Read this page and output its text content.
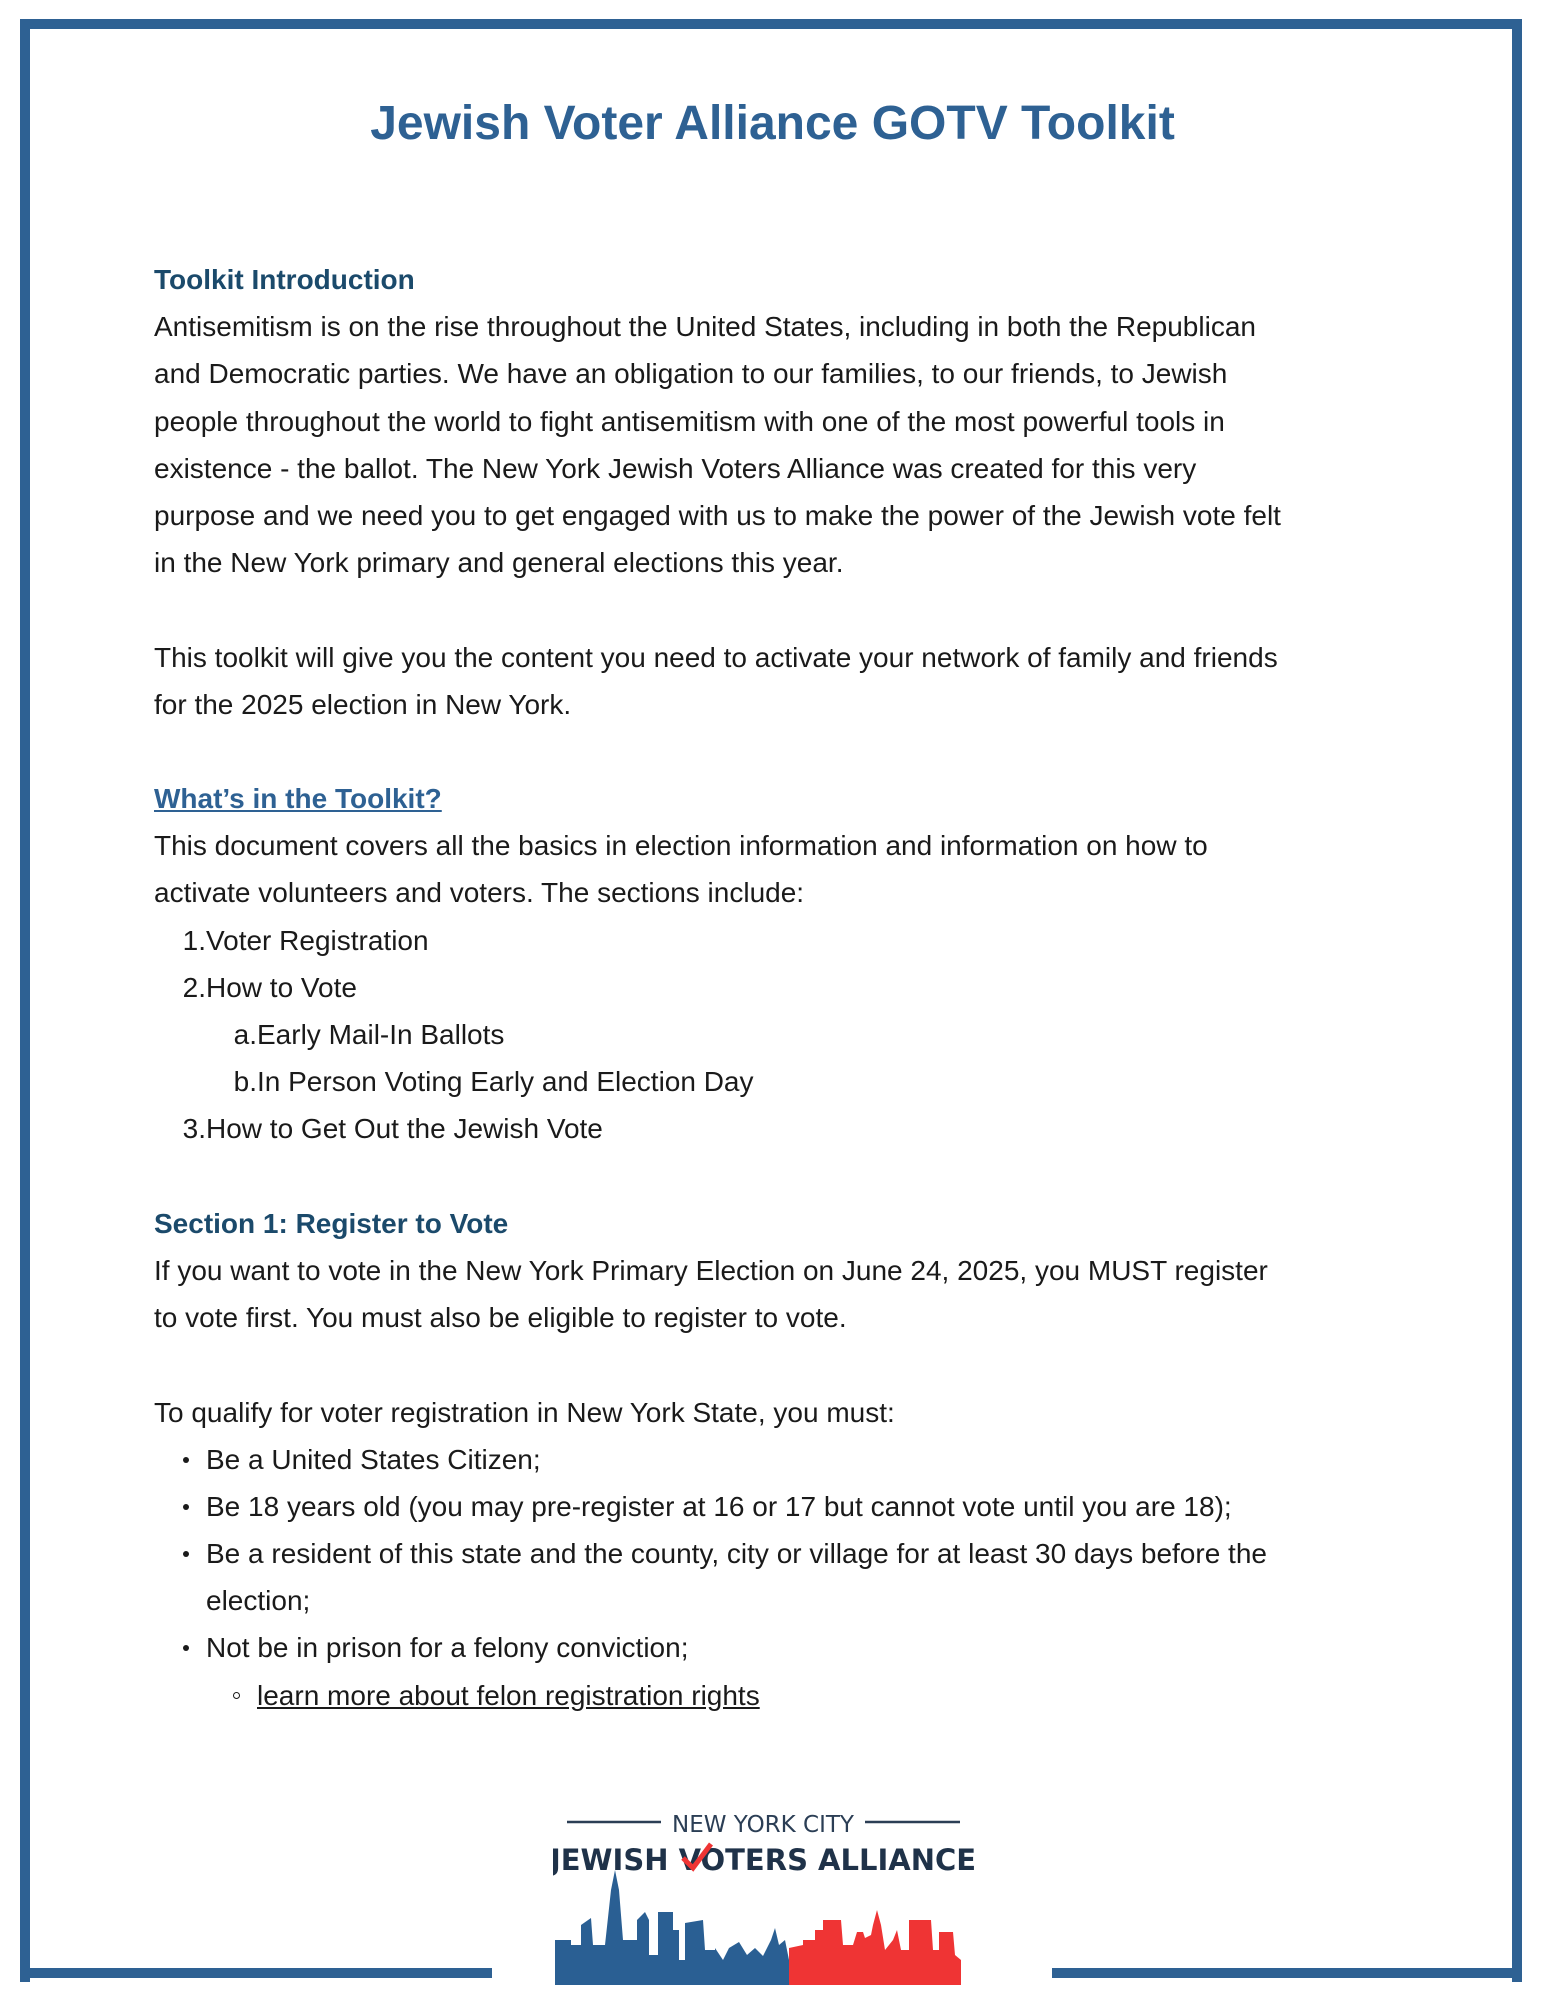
Jewish Voter Alliance GOTV Toolkit
Toolkit Introduction
Antisemitism is on the rise throughout the United States, including in both the Republican
and Democratic parties. We have an obligation to our families, to our friends, to Jewish
people throughout the world to fight antisemitism with one of the most powerful tools in
existence - the ballot. The New York Jewish Voters Alliance was created for this very
purpose and we need you to get engaged with us to make the power of the Jewish vote felt
in the New York primary and general elections this year.
This toolkit will give you the content you need to activate your network of family and friends
for the 2025 election in New York.
What’s in the Toolkit?
This document covers all the basics in election information and information on how to
activate volunteers and voters. The sections include:
1. Voter Registration
2. How to Vote
a. Early Mail-In Ballots
b. In Person Voting Early and Election Day
3. How to Get Out the Jewish Vote
Section 1: Register to Vote
If you want to vote in the New York Primary Election on June 24, 2025, you MUST register
to vote first. You must also be eligible to register to vote.
To qualify for voter registration in New York State, you must:
Be a United States Citizen;
Be 18 years old (you may pre-register at 16 or 17 but cannot vote until you are 18);
Be a resident of this state and the county, city or village for at least 30 days before the
election;
Not be in prison for a felony conviction;
learn more about felon registration rights
NEW YORK CITY
JEWISH VOTERS ALLIANCE
